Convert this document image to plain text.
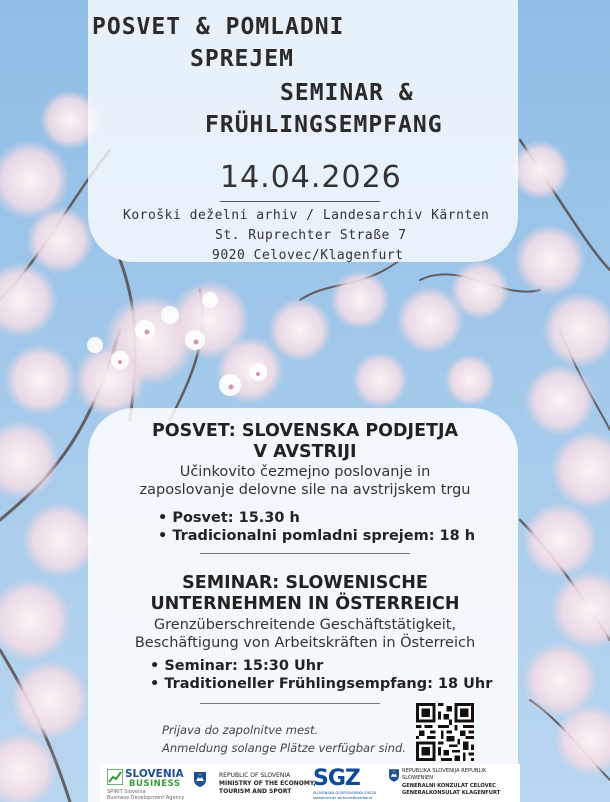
POSVET & POMLADNI
SPREJEM
SEMINAR &
FRÜHLINGSEMPFANG
14.04.2026
Koroški deželni arhiv / Landesarchiv Kärnten
St. Ruprechter Straße 7
9020 Celovec/Klagenfurt
POSVET: SLOVENSKA PODJETJA
V AVSTRIJI
Učinkovito čezmejno poslovanje in
zaposlovanje delovne sile na avstrijskem trgu
• Posvet: 15.30 h
• Tradicionalni pomladni sprejem: 18 h
SEMINAR: SLOWENISCHE
UNTERNEHMEN IN ÖSTERREICH
Grenzüberschreitende Geschäftstätigkeit,
Beschäftigung von Arbeitskräften in Österreich
• Seminar: 15:30 Uhr
• Traditioneller Frühlingsempfang: 18 Uhr
Prijava do zapolnitve mest.
Anmeldung solange Plätze verfügbar sind.
SLOVENIA
BUSINESS
SPIRIT Slovenia
Business Development Agency
REPUBLIC OF SLOVENIA
MINISTRY OF THE ECONOMY,
TOURISM AND SPORT
SGZ
SLOVENSKA GOSPODARSKA ZVEZA
slowenischer wirtschaftsverband
REPUBLIKA SLOVENIJA REPUBLIK
SLOWENIEN
GENERALNI KONZULAT CELOVEC
GENERALKONSULAT KLAGENFURT
